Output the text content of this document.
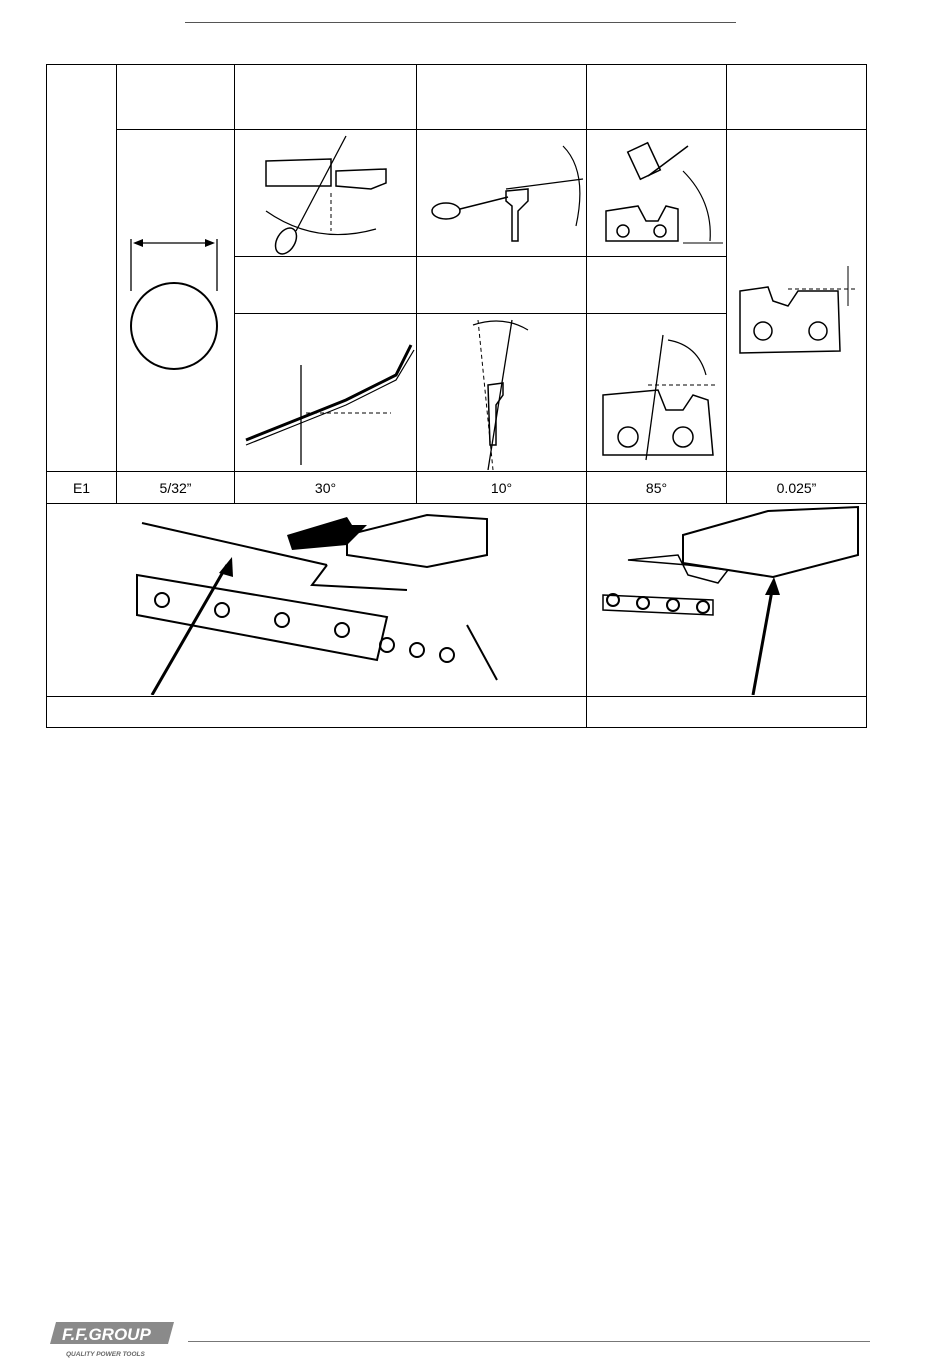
E1	5/32”	30°	10°	85°	0.025”

F.F.GROUP
QUALITY POWER TOOLS
